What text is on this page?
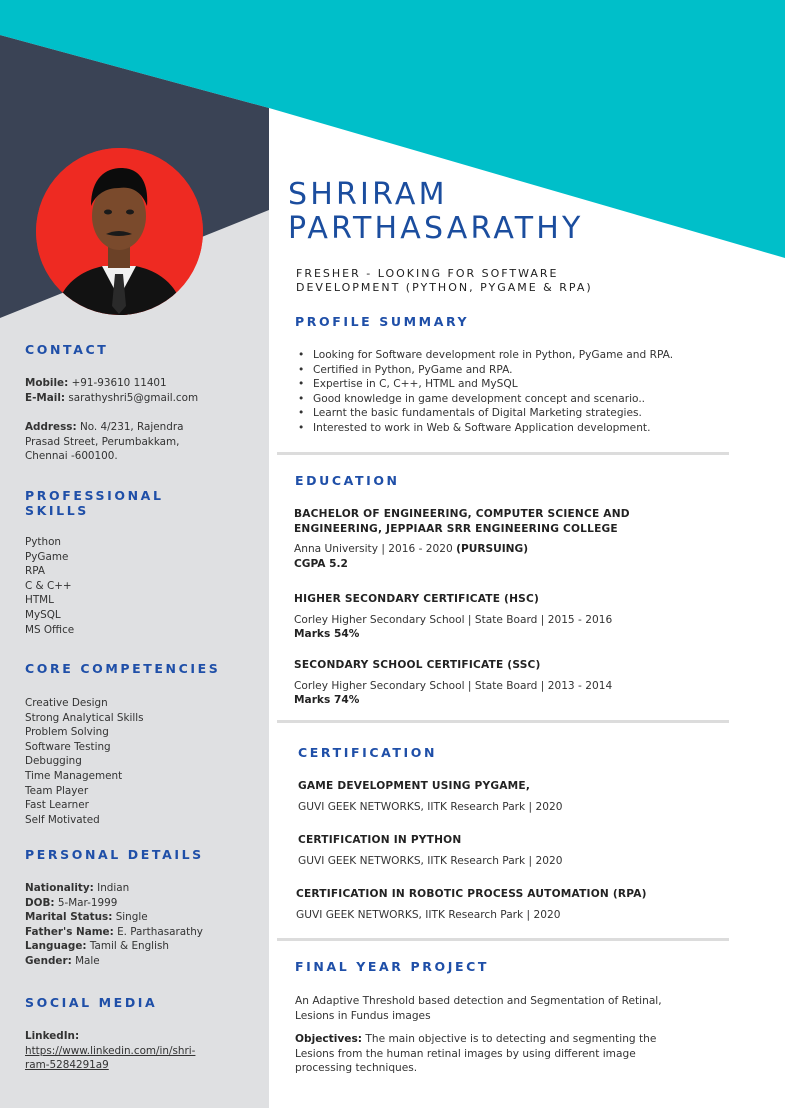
CONTACT
Mobile: +91-93610 11401
E-Mail: sarathyshri5@gmail.com
Address: No. 4/231, Rajendra
Prasad Street, Perumbakkam,
Chennai -600100.
PROFESSIONAL
SKILLS
Python
PyGame
RPA
C & C++
HTML
MySQL
MS Office
CORE COMPETENCIES
Creative Design
Strong Analytical Skills
Problem Solving
Software Testing
Debugging
Time Management
Team Player
Fast Learner
Self Motivated
PERSONAL DETAILS
Nationality: Indian
DOB: 5-Mar-1999
Marital Status: Single
Father's Name: E. Parthasarathy
Language: Tamil & English
Gender: Male
SOCIAL MEDIA
LinkedIn:
https://www.linkedin.com/in/shri-
ram-5284291a9
SHRIRAM
PARTHASARATHY
FRESHER - LOOKING FOR SOFTWARE
DEVELOPMENT (PYTHON, PYGAME & RPA)
PROFILE SUMMARY
• Looking for Software development role in Python, PyGame and RPA.
• Certified in Python, PyGame and RPA.
• Expertise in C, C++, HTML and MySQL
• Good knowledge in game development concept and scenario..
• Learnt the basic fundamentals of Digital Marketing strategies.
• Interested to work in Web & Software Application development.
EDUCATION
BACHELOR OF ENGINEERING, COMPUTER SCIENCE AND
ENGINEERING, JEPPIAAR SRR ENGINEERING COLLEGE
Anna University | 2016 - 2020 (PURSUING)
CGPA 5.2
HIGHER SECONDARY CERTIFICATE (HSC)
Corley Higher Secondary School | State Board | 2015 - 2016
Marks 54%
SECONDARY SCHOOL CERTIFICATE (SSC)
Corley Higher Secondary School | State Board | 2013 - 2014
Marks 74%
CERTIFICATION
GAME DEVELOPMENT USING PYGAME,
GUVI GEEK NETWORKS, IITK Research Park | 2020
CERTIFICATION IN PYTHON
GUVI GEEK NETWORKS, IITK Research Park | 2020
CERTIFICATION IN ROBOTIC PROCESS AUTOMATION (RPA)
GUVI GEEK NETWORKS, IITK Research Park | 2020
FINAL YEAR PROJECT
An Adaptive Threshold based detection and Segmentation of Retinal,
Lesions in Fundus images
Objectives: The main objective is to detecting and segmenting the
Lesions from the human retinal images by using different image
processing techniques.
